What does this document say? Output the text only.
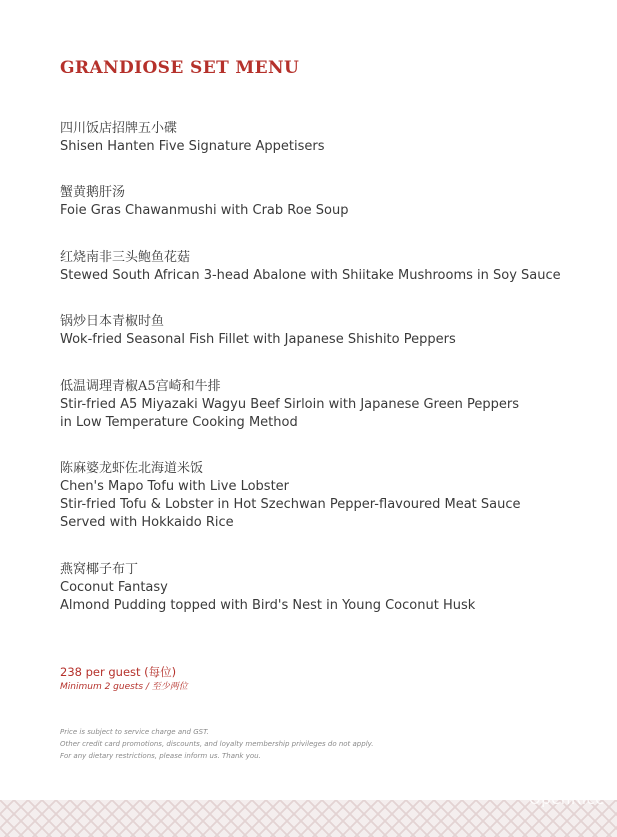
GRANDIOSE SET MENU
四川饭店招牌五小碟
Shisen Hanten Five Signature Appetisers
蟹黄鹅肝汤
Foie Gras Chawanmushi with Crab Roe Soup
红烧南非三头鲍鱼花菇
Stewed South African 3-head Abalone with Shiitake Mushrooms in Soy Sauce
锅炒日本青椒时鱼
Wok-fried Seasonal Fish Fillet with Japanese Shishito Peppers
低温调理青椒A5宫崎和牛排
Stir-fried A5 Miyazaki Wagyu Beef Sirloin with Japanese Green Peppers
in Low Temperature Cooking Method
陈麻婆龙虾佐北海道米饭
Chen's Mapo Tofu with Live Lobster
Stir-fried Tofu & Lobster in Hot Szechwan Pepper-flavoured Meat Sauce
Served with Hokkaido Rice
燕窝椰子布丁
Coconut Fantasy
Almond Pudding topped with Bird's Nest in Young Coconut Husk
238 per guest (每位)
Minimum 2 guests / 至少两位
Price is subject to service charge and GST.
Other credit card promotions, discounts, and loyalty membership privileges do not apply.
For any dietary restrictions, please inform us. Thank you.
OpenRice
